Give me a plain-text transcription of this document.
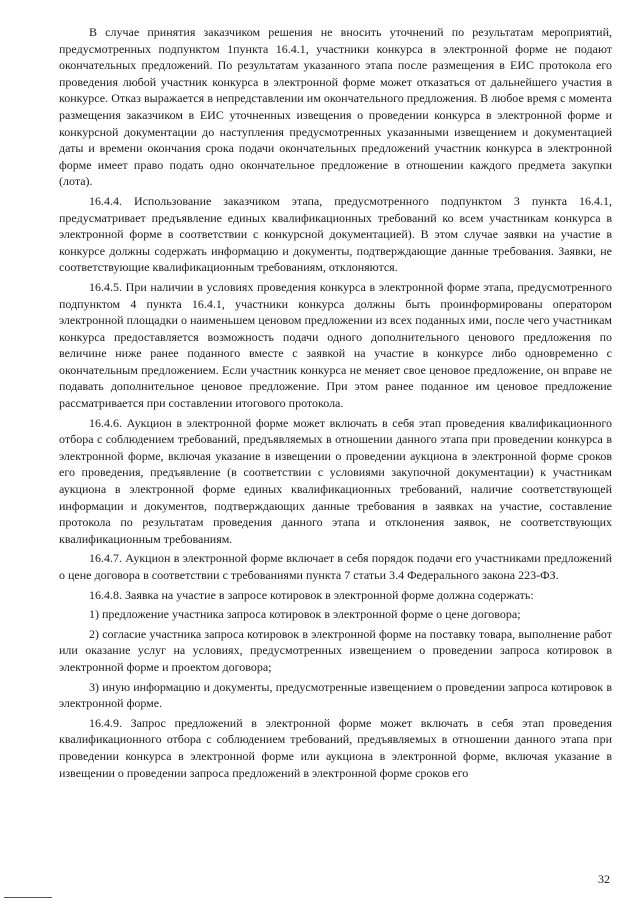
В случае принятия заказчиком решения не вносить уточнений по результатам мероприятий, предусмотренных подпунктом 1пункта 16.4.1, участники конкурса в электронной форме не подают окончательных предложений. По результатам указанного этапа после размещения в ЕИС протокола его проведения любой участник конкурса в электронной форме может отказаться от дальнейшего участия в конкурсе. Отказ выражается в непредставлении им окончательного предложения. В любое время с момента размещения заказчиком в ЕИС уточненных извещения о проведении конкурса в электронной форме и конкурсной документации до наступления предусмотренных указанными извещением и документацией даты и времени окончания срока подачи окончательных предложений участник конкурса в электронной форме имеет право подать одно окончательное предложение в отношении каждого предмета закупки (лота).

16.4.4. Использование заказчиком этапа, предусмотренного подпунктом 3 пункта 16.4.1, предусматривает предъявление единых квалификационных требований ко всем участникам конкурса в электронной форме в соответствии с конкурсной документацией). В этом случае заявки на участие в конкурсе должны содержать информацию и документы, подтверждающие данные требования. Заявки, не соответствующие квалификационным требованиям, отклоняются.

16.4.5. При наличии в условиях проведения конкурса в электронной форме этапа, предусмотренного подпунктом 4 пункта 16.4.1, участники конкурса должны быть проинформированы оператором электронной площадки о наименьшем ценовом предложении из всех поданных ими, после чего участникам конкурса предоставляется возможность подачи одного дополнительного ценового предложения по величине ниже ранее поданного вместе с заявкой на участие в конкурсе либо одновременно с окончательным предложением. Если участник конкурса не меняет свое ценовое предложение, он вправе не подавать дополнительное ценовое предложение. При этом ранее поданное им ценовое предложение рассматривается при составлении итогового протокола.

16.4.6. Аукцион в электронной форме может включать в себя этап проведения квалификационного отбора с соблюдением требований, предъявляемых в отношении данного этапа при проведении конкурса в электронной форме, включая указание в извещении о проведении аукциона в электронной форме сроков его проведения, предъявление (в соответствии с условиями закупочной документации) к участникам аукциона в электронной форме единых квалификационных требований, наличие соответствующей информации и документов, подтверждающих данные требования в заявках на участие, составление протокола по результатам проведения данного этапа и отклонения заявок, не соответствующих квалификационным требованиям.

16.4.7. Аукцион в электронной форме включает в себя порядок подачи его участниками предложений о цене договора в соответствии с требованиями пункта 7 статьи 3.4 Федерального закона 223-ФЗ.

16.4.8. Заявка на участие в запросе котировок в электронной форме должна содержать:

1) предложение участника запроса котировок в электронной форме о цене договора;

2) согласие участника запроса котировок в электронной форме на поставку товара, выполнение работ или оказание услуг на условиях, предусмотренных извещением о проведении запроса котировок в электронной форме и проектом договора;

3) иную информацию и документы, предусмотренные извещением о проведении запроса котировок в электронной форме.

16.4.9. Запрос предложений в электронной форме может включать в себя этап проведения квалификационного отбора с соблюдением требований, предъявляемых в отношении данного этапа при проведении конкурса в электронной форме или аукциона в электронной форме, включая указание в извещении о проведении запроса предложений в электронной форме сроков его

32
